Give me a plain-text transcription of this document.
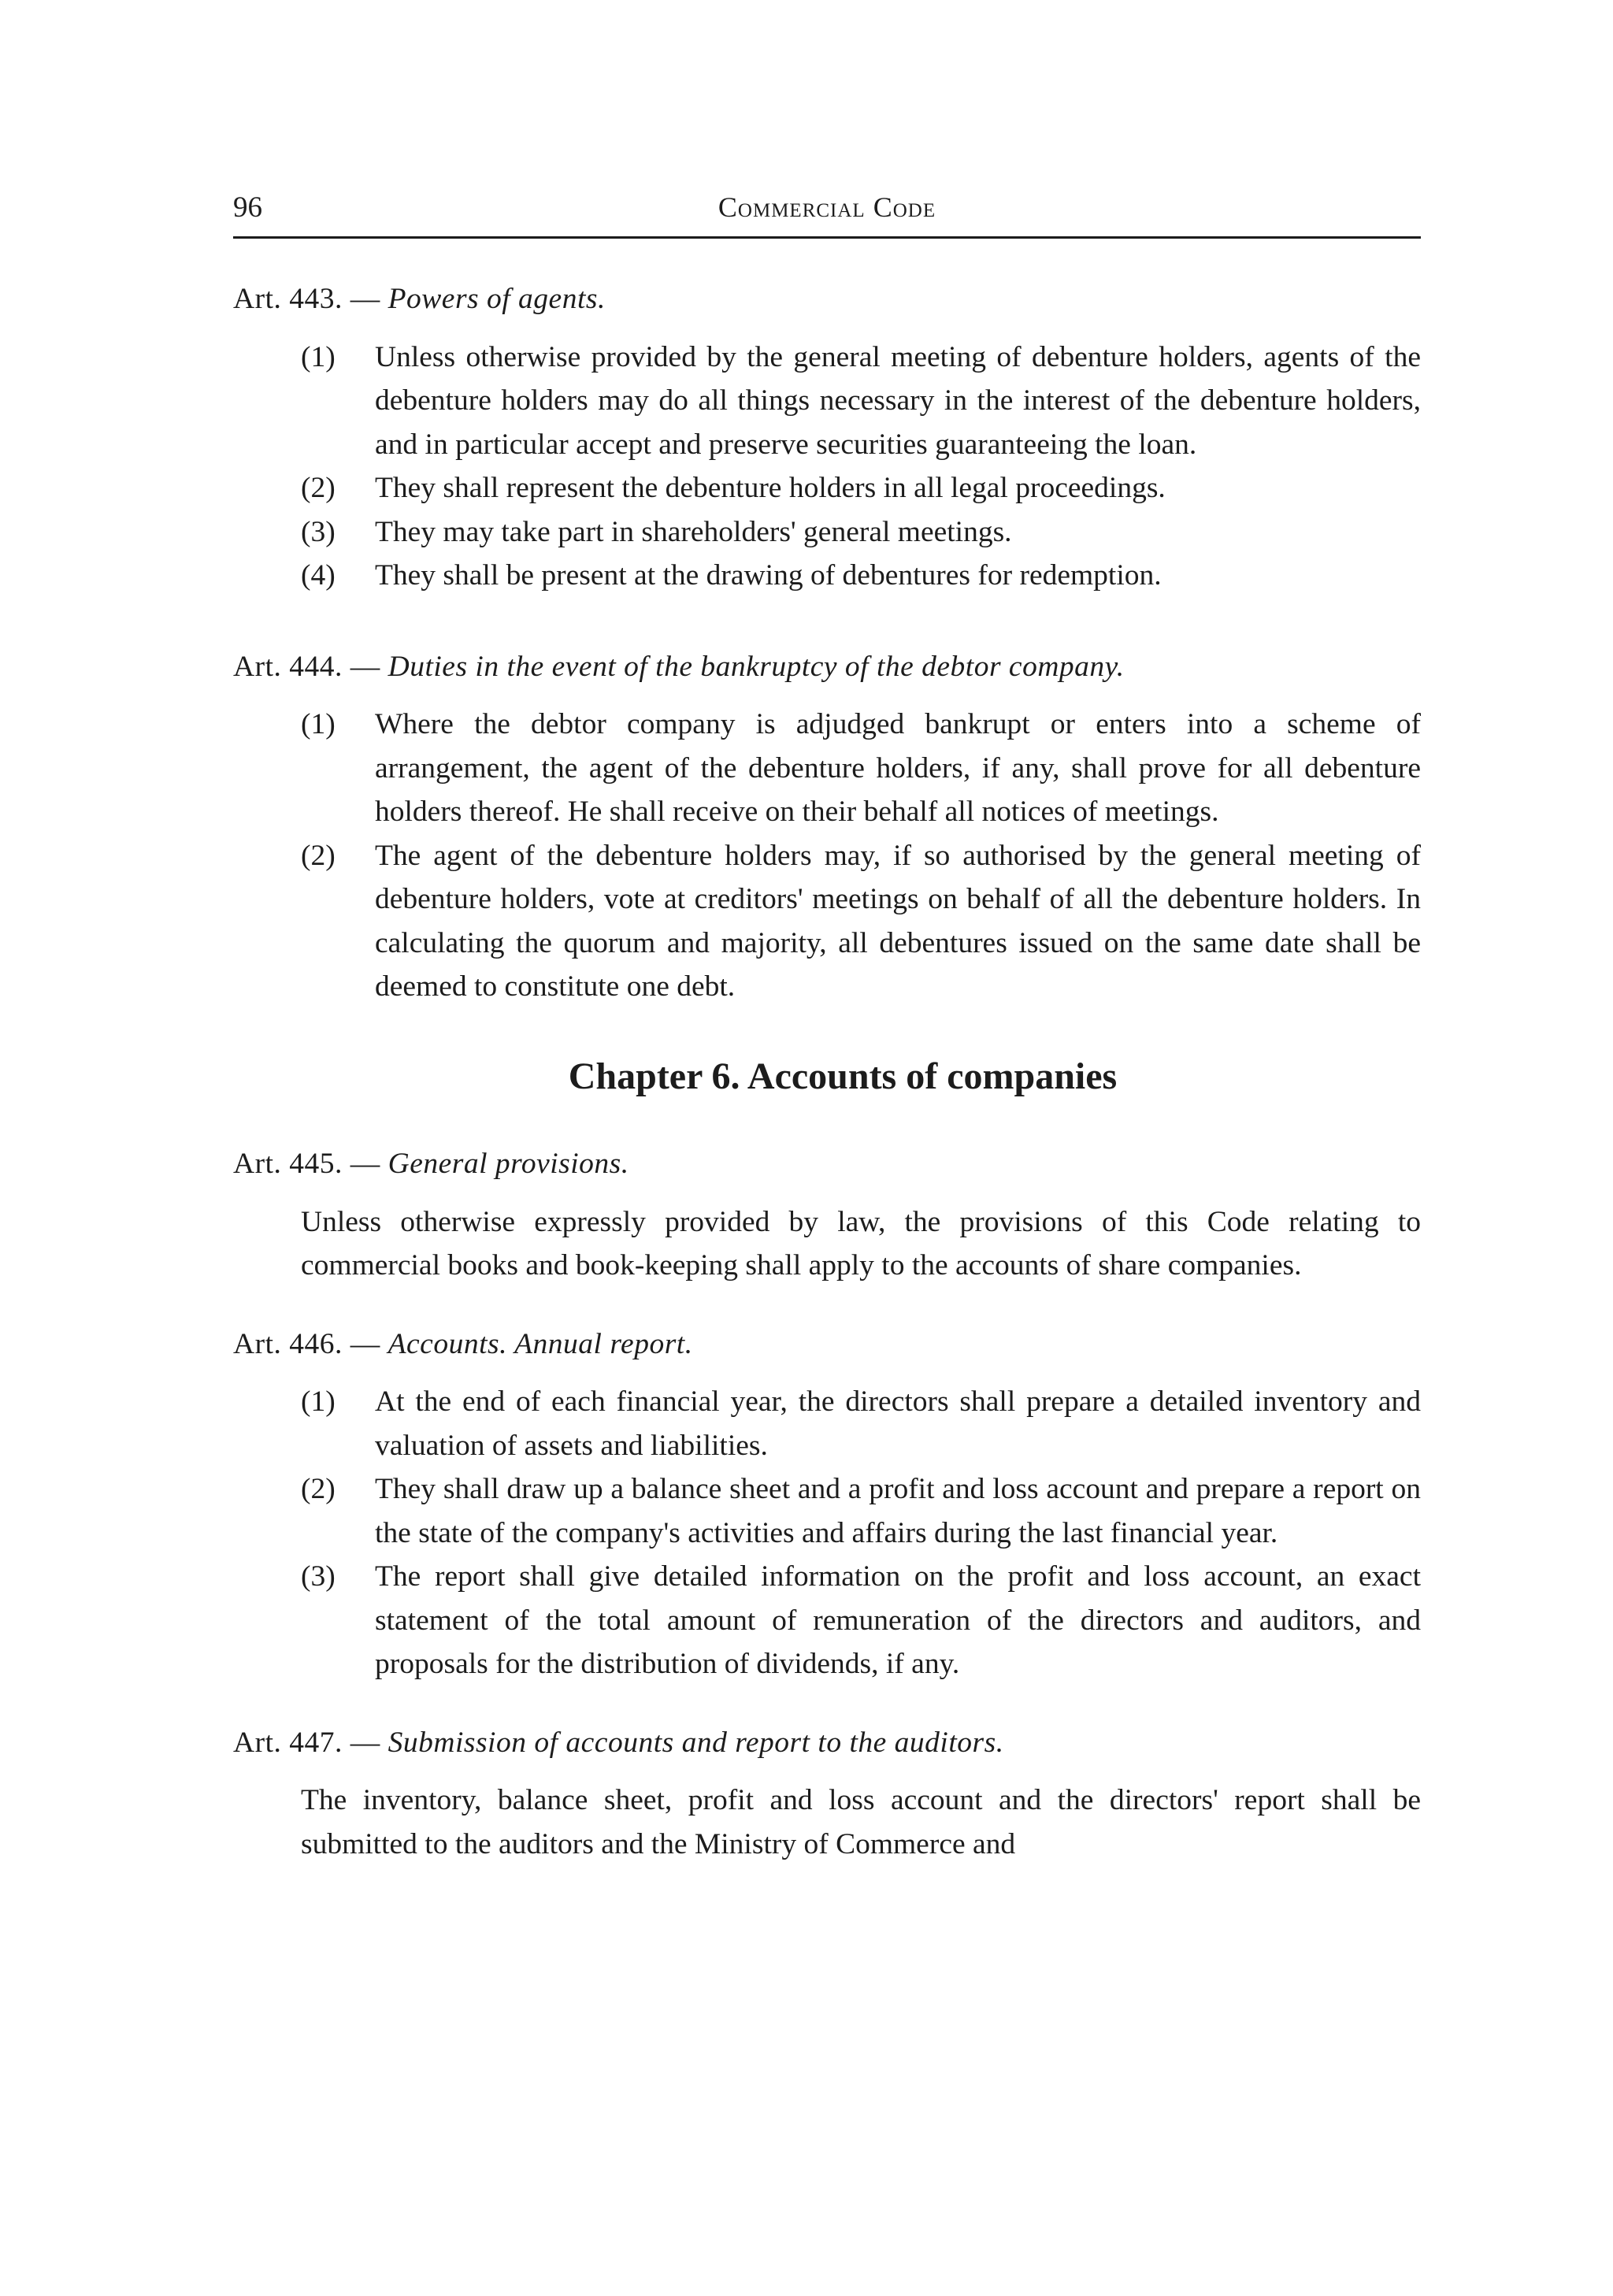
96	Commercial Code

Art. 443. — Powers of agents.

(1)	Unless otherwise provided by the general meeting of debenture holders, agents of the debenture holders may do all things necessary in the interest of the debenture holders, and in particular accept and preserve securities guaranteeing the loan.
(2)	They shall represent the debenture holders in all legal proceedings.
(3)	They may take part in shareholders' general meetings.
(4)	They shall be present at the drawing of debentures for redemption.

Art. 444. — Duties in the event of the bankruptcy of the debtor company.

(1)	Where the debtor company is adjudged bankrupt or enters into a scheme of arrangement, the agent of the debenture holders, if any, shall prove for all debenture holders thereof. He shall receive on their behalf all notices of meetings.
(2)	The agent of the debenture holders may, if so authorised by the general meeting of debenture holders, vote at creditors' meetings on behalf of all the debenture holders. In calculating the quorum and majority, all debentures issued on the same date shall be deemed to constitute one debt.
Chapter 6. Accounts of companies

Art. 445. — General provisions.

Unless otherwise expressly provided by law, the provisions of this Code relating to commercial books and book-keeping shall apply to the accounts of share companies.

Art. 446. — Accounts. Annual report.

(1)	At the end of each financial year, the directors shall prepare a detailed inventory and valuation of assets and liabilities.
(2)	They shall draw up a balance sheet and a profit and loss account and prepare a report on the state of the company's activities and affairs during the last financial year.
(3)	The report shall give detailed information on the profit and loss account, an exact statement of the total amount of remuneration of the directors and auditors, and proposals for the distribution of dividends, if any.

Art. 447. — Submission of accounts and report to the auditors.

The inventory, balance sheet, profit and loss account and the directors' report shall be submitted to the auditors and the Ministry of Commerce and
